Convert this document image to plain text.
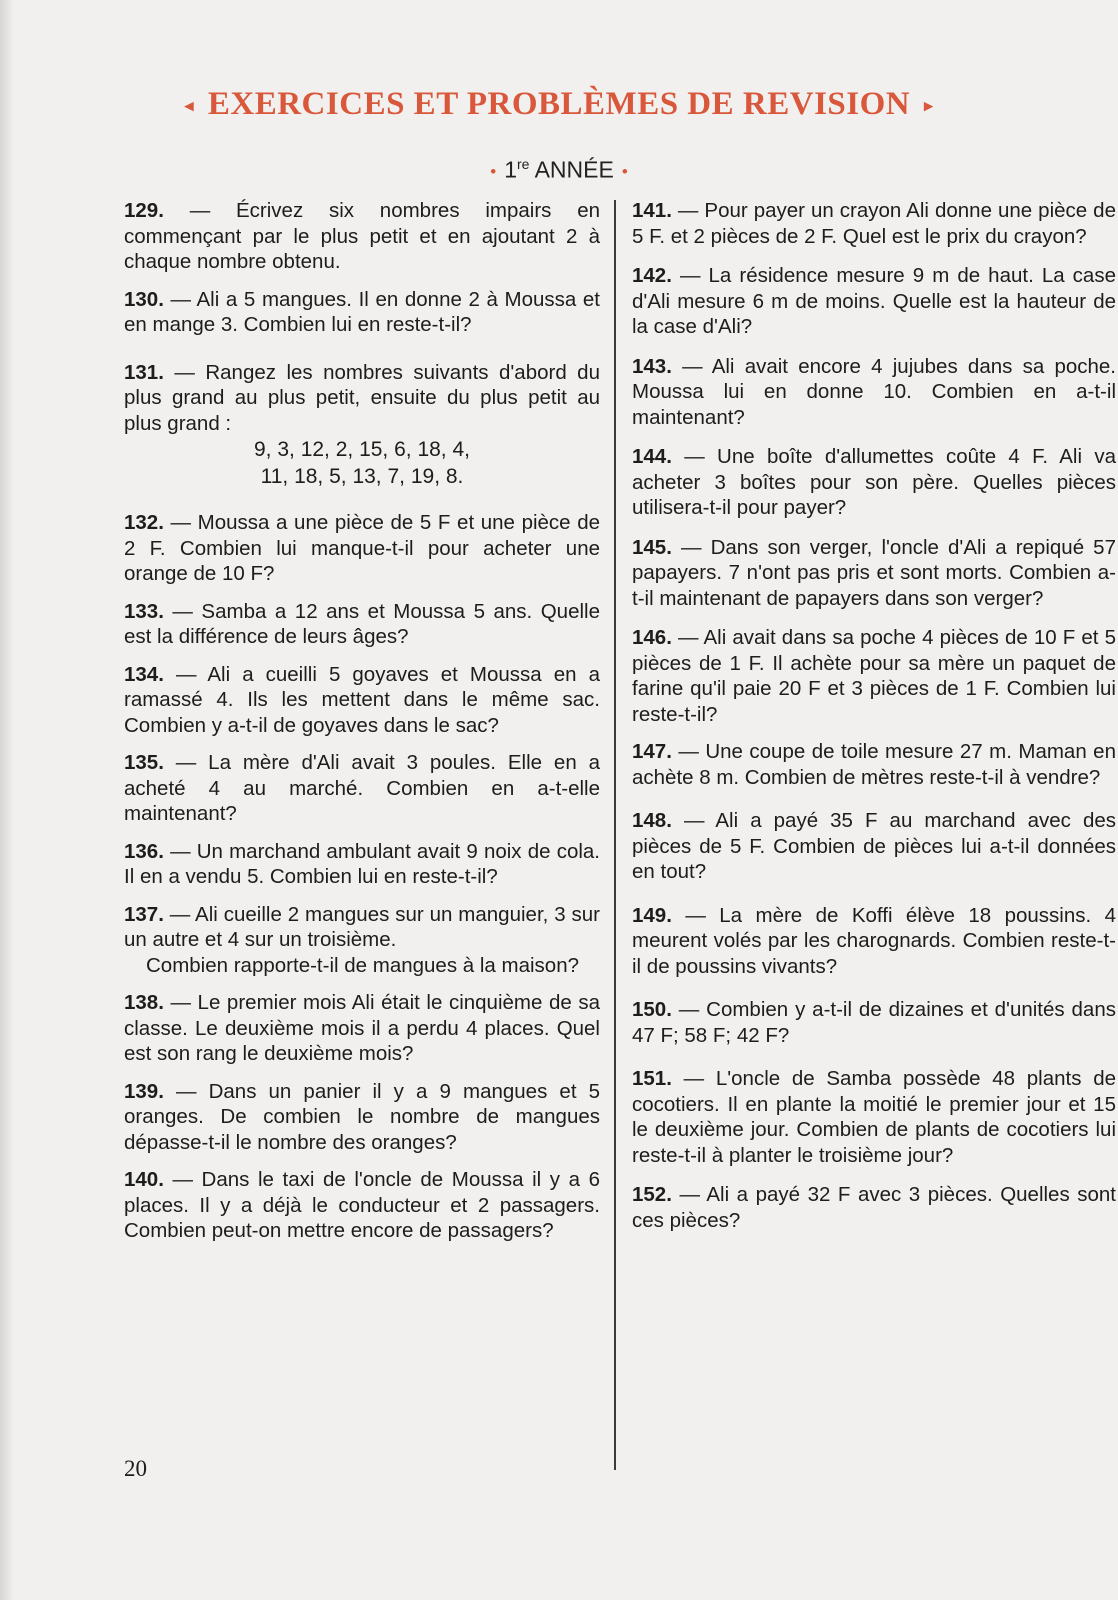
◂ EXERCICES ET PROBLÈMES DE REVISION ▸
• 1re ANNÉE •

129. — Écrivez six nombres impairs en commençant par le plus petit et en ajoutant 2 à chaque nombre obtenu.

130. — Ali a 5 mangues. Il en donne 2 à Moussa et en mange 3. Combien lui en reste-t-il?

131. — Rangez les nombres suivants d'abord du plus grand au plus petit, ensuite du plus petit au plus grand :
9, 3, 12, 2, 15, 6, 18, 4,
11, 18, 5, 13, 7, 19, 8.

132. — Moussa a une pièce de 5 F et une pièce de 2 F. Combien lui manque-t-il pour acheter une orange de 10 F?

133. — Samba a 12 ans et Moussa 5 ans. Quelle est la différence de leurs âges?

134. — Ali a cueilli 5 goyaves et Moussa en a ramassé 4. Ils les mettent dans le même sac. Combien y a-t-il de goyaves dans le sac?

135. — La mère d'Ali avait 3 poules. Elle en a acheté 4 au marché. Combien en a-t-elle maintenant?

136. — Un marchand ambulant avait 9 noix de cola. Il en a vendu 5. Combien lui en reste-t-il?

137. — Ali cueille 2 mangues sur un manguier, 3 sur un autre et 4 sur un troisième.
Combien rapporte-t-il de mangues à la maison?

138. — Le premier mois Ali était le cinquième de sa classe. Le deuxième mois il a perdu 4 places. Quel est son rang le deuxième mois?

139. — Dans un panier il y a 9 mangues et 5 oranges. De combien le nombre de mangues dépasse-t-il le nombre des oranges?

140. — Dans le taxi de l'oncle de Moussa il y a 6 places. Il y a déjà le conducteur et 2 passagers. Combien peut-on mettre encore de passagers?

141. — Pour payer un crayon Ali donne une pièce de 5 F. et 2 pièces de 2 F. Quel est le prix du crayon?

142. — La résidence mesure 9 m de haut. La case d'Ali mesure 6 m de moins. Quelle est la hauteur de la case d'Ali?

143. — Ali avait encore 4 jujubes dans sa poche. Moussa lui en donne 10. Combien en a-t-il maintenant?

144. — Une boîte d'allumettes coûte 4 F. Ali va acheter 3 boîtes pour son père. Quelles pièces utilisera-t-il pour payer?

145. — Dans son verger, l'oncle d'Ali a repiqué 57 papayers. 7 n'ont pas pris et sont morts. Combien a-t-il maintenant de papayers dans son verger?

146. — Ali avait dans sa poche 4 pièces de 10 F et 5 pièces de 1 F. Il achète pour sa mère un paquet de farine qu'il paie 20 F et 3 pièces de 1 F. Combien lui reste-t-il?

147. — Une coupe de toile mesure 27 m. Maman en achète 8 m. Combien de mètres reste-t-il à vendre?

148. — Ali a payé 35 F au marchand avec des pièces de 5 F. Combien de pièces lui a-t-il données en tout?

149. — La mère de Koffi élève 18 poussins. 4 meurent volés par les charognards. Combien reste-t-il de poussins vivants?

150. — Combien y a-t-il de dizaines et d'unités dans 47 F; 58 F; 42 F?

151. — L'oncle de Samba possède 48 plants de cocotiers. Il en plante la moitié le premier jour et 15 le deuxième jour. Combien de plants de cocotiers lui reste-t-il à planter le troisième jour?

152. — Ali a payé 32 F avec 3 pièces. Quelles sont ces pièces?

20
